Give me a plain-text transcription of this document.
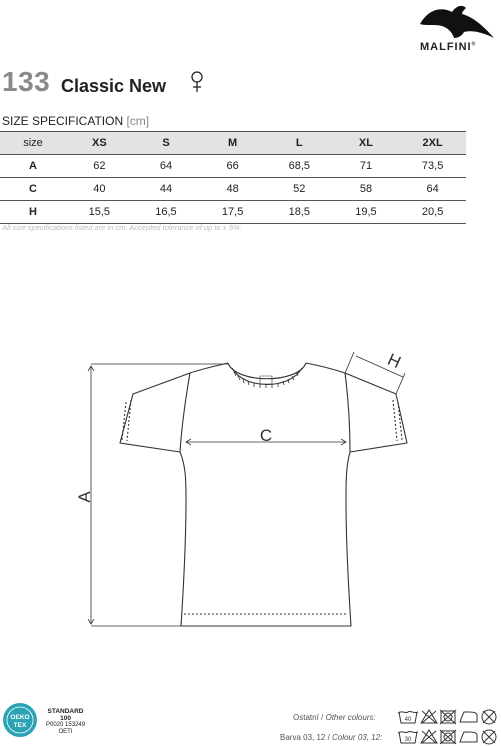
MALFINI®
133 Classic New
SIZE SPECIFICATION [cm]
size	XS	S	M	L	XL	2XL
A	62	64	66	68,5	71	73,5
C	40	44	48	52	58	64
H	15,5	16,5	17,5	18,5	19,5	20,5
All size specifications listed are in cm. Accepted tolerance of up to ± 5%.
A
C
H
OEKO
TEX
STANDARD
100
P0020 153249
OETI
Ostatní / Other colours:
Barva 03, 12 / Colour 03, 12:
40
30
